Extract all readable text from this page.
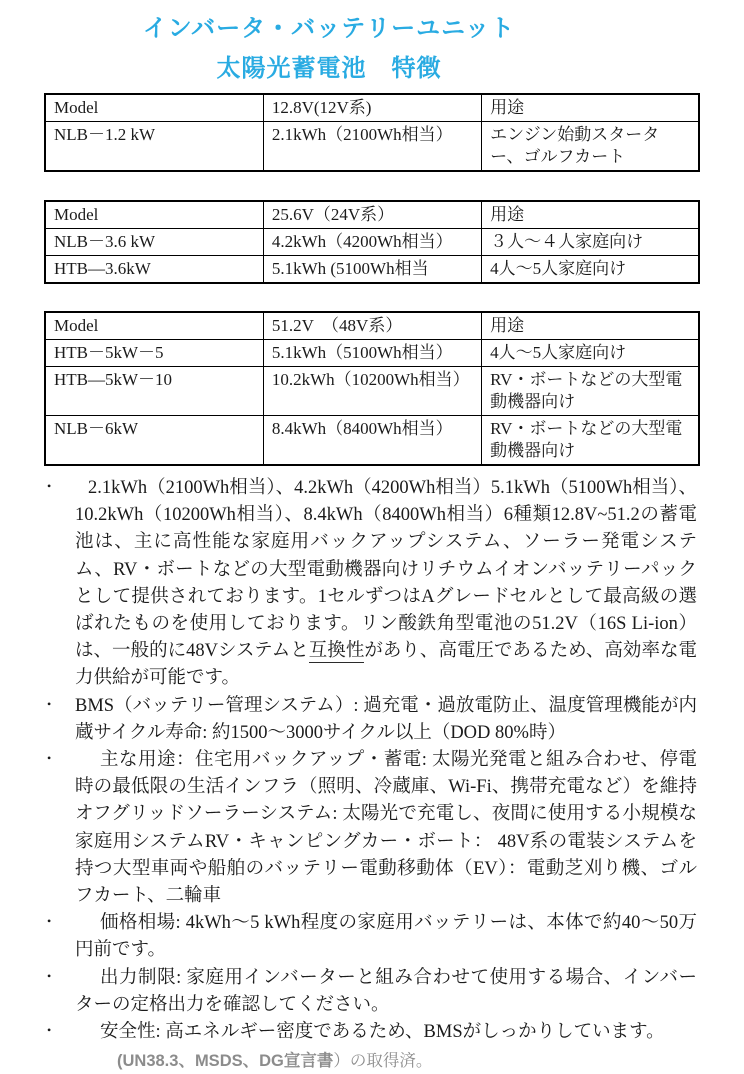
インバータ・バッテリーユニット
太陽光蓄電池　特徴
Model	12.8V(12V系)	用途
NLB－1.2 kW	2.1kWh（2100Wh相当）	エンジン始動スターター、ゴルフカート
Model	25.6V（24V系）	用途
NLB－3.6 kW	4.2kWh（4200Wh相当）	３人～４人家庭向け
HTB—3.6kW	5.1kWh (5100Wh相当	4人～5人家庭向け
Model	51.2V　（48V系）	用途
HTB－5kW－5	5.1kWh（5100Wh相当）	4人～5人家庭向け
HTB—5kW－10	10.2kWh（10200Wh相当）	RV・ボートなどの大型電動機器向け
NLB－6kW	8.4kWh（8400Wh相当）	RV・ボートなどの大型電動機器向け
•	2.1kWh（2100Wh相当）、4.2kWh（4200Wh相当）5.1kWh（5100Wh相当）、10.2kWh（10200Wh相当）、8.4kWh（8400Wh相当）6種類12.8V~51.2の蓄電池は、主に高性能な家庭用バックアップシステム、ソーラー発電システム、RV・ボートなどの大型電動機器向けリチウムイオンバッテリーパックとして提供されております。1セルずつはAグレードセルとして最高級の選ばれたものを使用しております。リン酸鉄角型電池の51.2V（16S Li-ion）は、一般的に48Vシステムと互換性があり、高電圧であるため、高効率な電力供給が可能です。

• BMS（バッテリー管理システム）: 過充電・過放電防止、温度管理機能が内蔵サイクル寿命: 約1500～3000サイクル以上（DOD 80%時）

•	主な用途：住宅用バックアップ・蓄電: 太陽光発電と組み合わせ、停電時の最低限の生活インフラ（照明、冷蔵庫、Wi-Fi、携帯充電など）を維持オフグリッドソーラーシステム: 太陽光で充電し、夜間に使用する小規模な家庭用システムRV・キャンピングカー・ボート： 48V系の電装システムを持つ大型車両や船舶のバッテリー電動移動体（EV）：電動芝刈り機、ゴルフカート、二輪車

•	価格相場: 4kWh～5 kWh程度の家庭用バッテリーは、本体で約40～50万円前です。

•	出力制限: 家庭用インバーターと組み合わせて使用する場合、インバーターの定格出力を確認してください。

•	安全性: 高エネルギー密度であるため、BMSがしっかりしています。

(UN38.3、MSDS、DG宣言書）の取得済。
